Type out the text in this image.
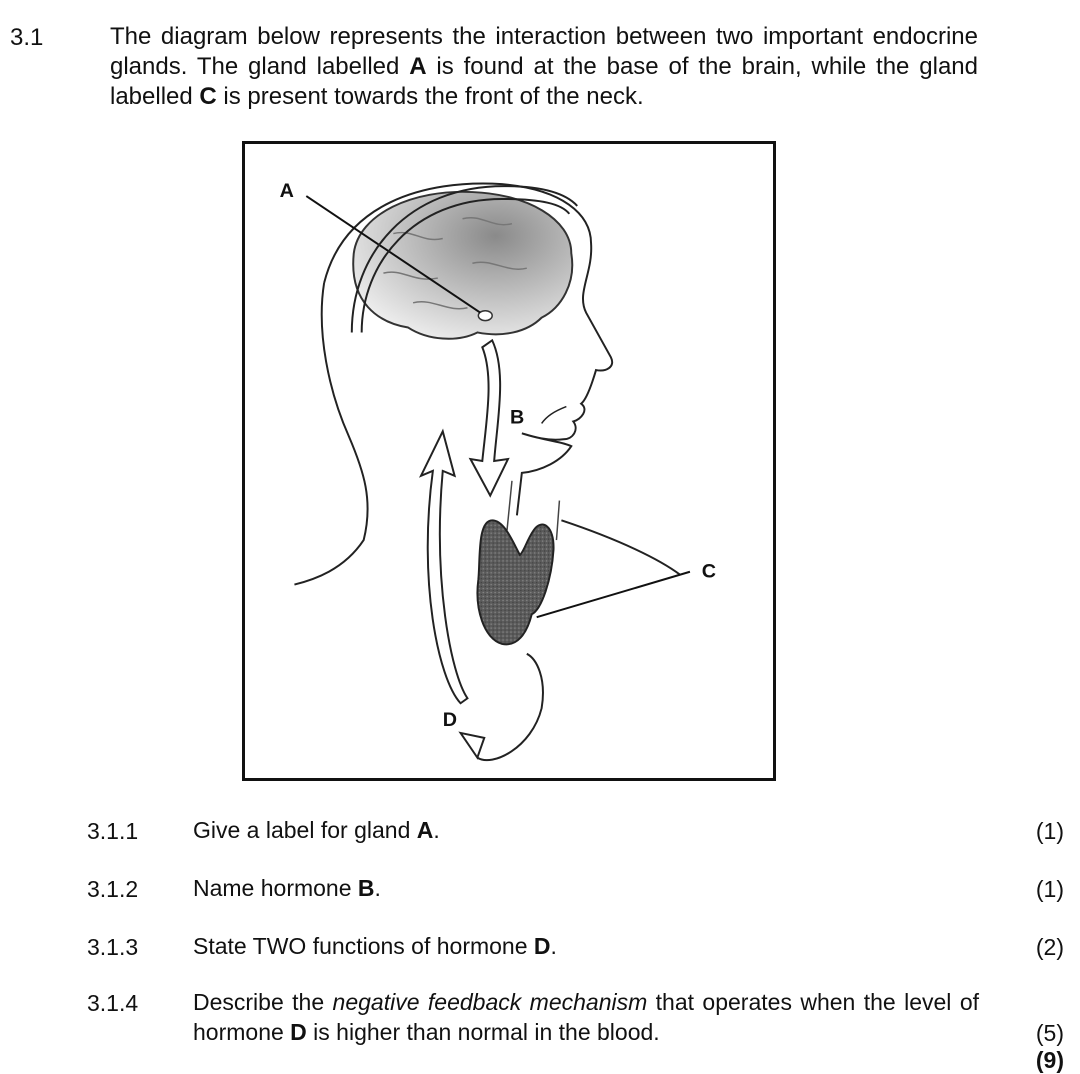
3.1	The diagram below represents the interaction between two important endocrine glands. The gland labelled A is found at the base of the brain, while the gland labelled C is present towards the front of the neck.

A
B
C
D
3.1.1 Give a label for gland A.	(1)
3.1.2 Name hormone B.	(1)
3.1.3 State TWO functions of hormone D.	(2)
3.1.4 Describe the negative feedback mechanism that operates when the level of hormone D is higher than normal in the blood.	(5)
(9)
